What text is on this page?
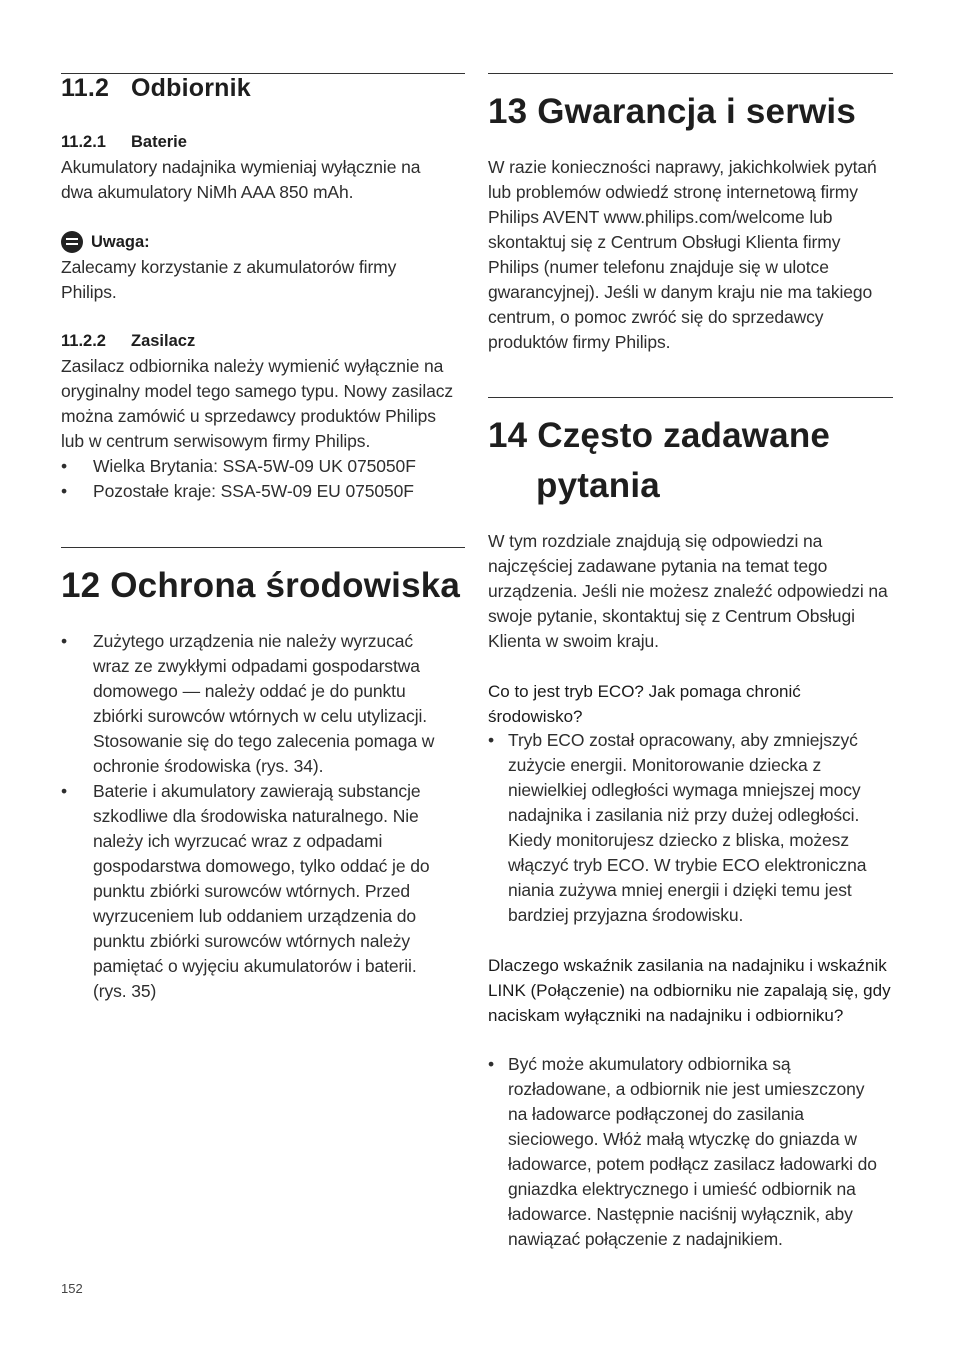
11.2 Odbiornik
11.2.1 Baterie

Akumulatory nadajnika wymieniaj wyłącznie na dwa akumulatory NiMh AAA 850 mAh.

Uwaga:

Zalecamy korzystanie z akumulatorów firmy Philips.

11.2.2 Zasilacz

Zasilacz odbiornika należy wymienić wyłącznie na oryginalny model tego samego typu. Nowy zasilacz można zamówić u sprzedawcy produktów Philips lub w centrum serwisowym firmy Philips.

• Wielka Brytania: SSA-5W-09 UK 075050F
• Pozostałe kraje: SSA-5W-09 EU 075050F
12 Ochrona środowiska
• Zużytego urządzenia nie należy wyrzucać wraz ze zwykłymi odpadami gospodarstwa domowego — należy oddać je do punktu zbiórki surowców wtórnych w celu utylizacji. Stosowanie się do tego zalecenia pomaga w ochronie środowiska (rys. 34).
• Baterie i akumulatory zawierają substancje szkodliwe dla środowiska naturalnego. Nie należy ich wyrzucać wraz z odpadami gospodarstwa domowego, tylko oddać je do punktu zbiórki surowców wtórnych. Przed wyrzuceniem lub oddaniem urządzenia do punktu zbiórki surowców wtórnych należy pamiętać o wyjęciu akumulatorów i baterii. (rys. 35)
13 Gwarancja i serwis

W razie konieczności naprawy, jakichkolwiek pytań lub problemów odwiedź stronę internetową firmy Philips AVENT www.philips.com/welcome lub skontaktuj się z Centrum Obsługi Klienta firmy Philips (numer telefonu znajduje się w ulotce gwarancyjnej). Jeśli w danym kraju nie ma takiego centrum, o pomoc zwróć się do sprzedawcy produktów firmy Philips.

14 Często zadawane
pytania

W tym rozdziale znajdują się odpowiedzi na najczęściej zadawane pytania na temat tego urządzenia. Jeśli nie możesz znaleźć odpowiedzi na swoje pytanie, skontaktuj się z Centrum Obsługi Klienta w swoim kraju.

Co to jest tryb ECO? Jak pomaga chronić środowisko?

• Tryb ECO został opracowany, aby zmniejszyć zużycie energii. Monitorowanie dziecka z niewielkiej odległości wymaga mniejszej mocy nadajnika i zasilania niż przy dużej odległości. Kiedy monitorujesz dziecko z bliska, możesz włączyć tryb ECO. W trybie ECO elektroniczna niania zużywa mniej energii i dzięki temu jest bardziej przyjazna środowisku.

Dlaczego wskaźnik zasilania na nadajniku i wskaźnik LINK (Połączenie) na odbiorniku nie zapalają się, gdy naciskam wyłączniki na nadajniku i odbiorniku?

• Być może akumulatory odbiornika są rozładowane, a odbiornik nie jest umieszczony na ładowarce podłączonej do zasilania sieciowego. Włóż małą wtyczkę do gniazda w ładowarce, potem podłącz zasilacz ładowarki do gniazdka elektrycznego i umieść odbiornik na ładowarce. Następnie naciśnij wyłącznik, aby nawiązać połączenie z nadajnikiem.
152
